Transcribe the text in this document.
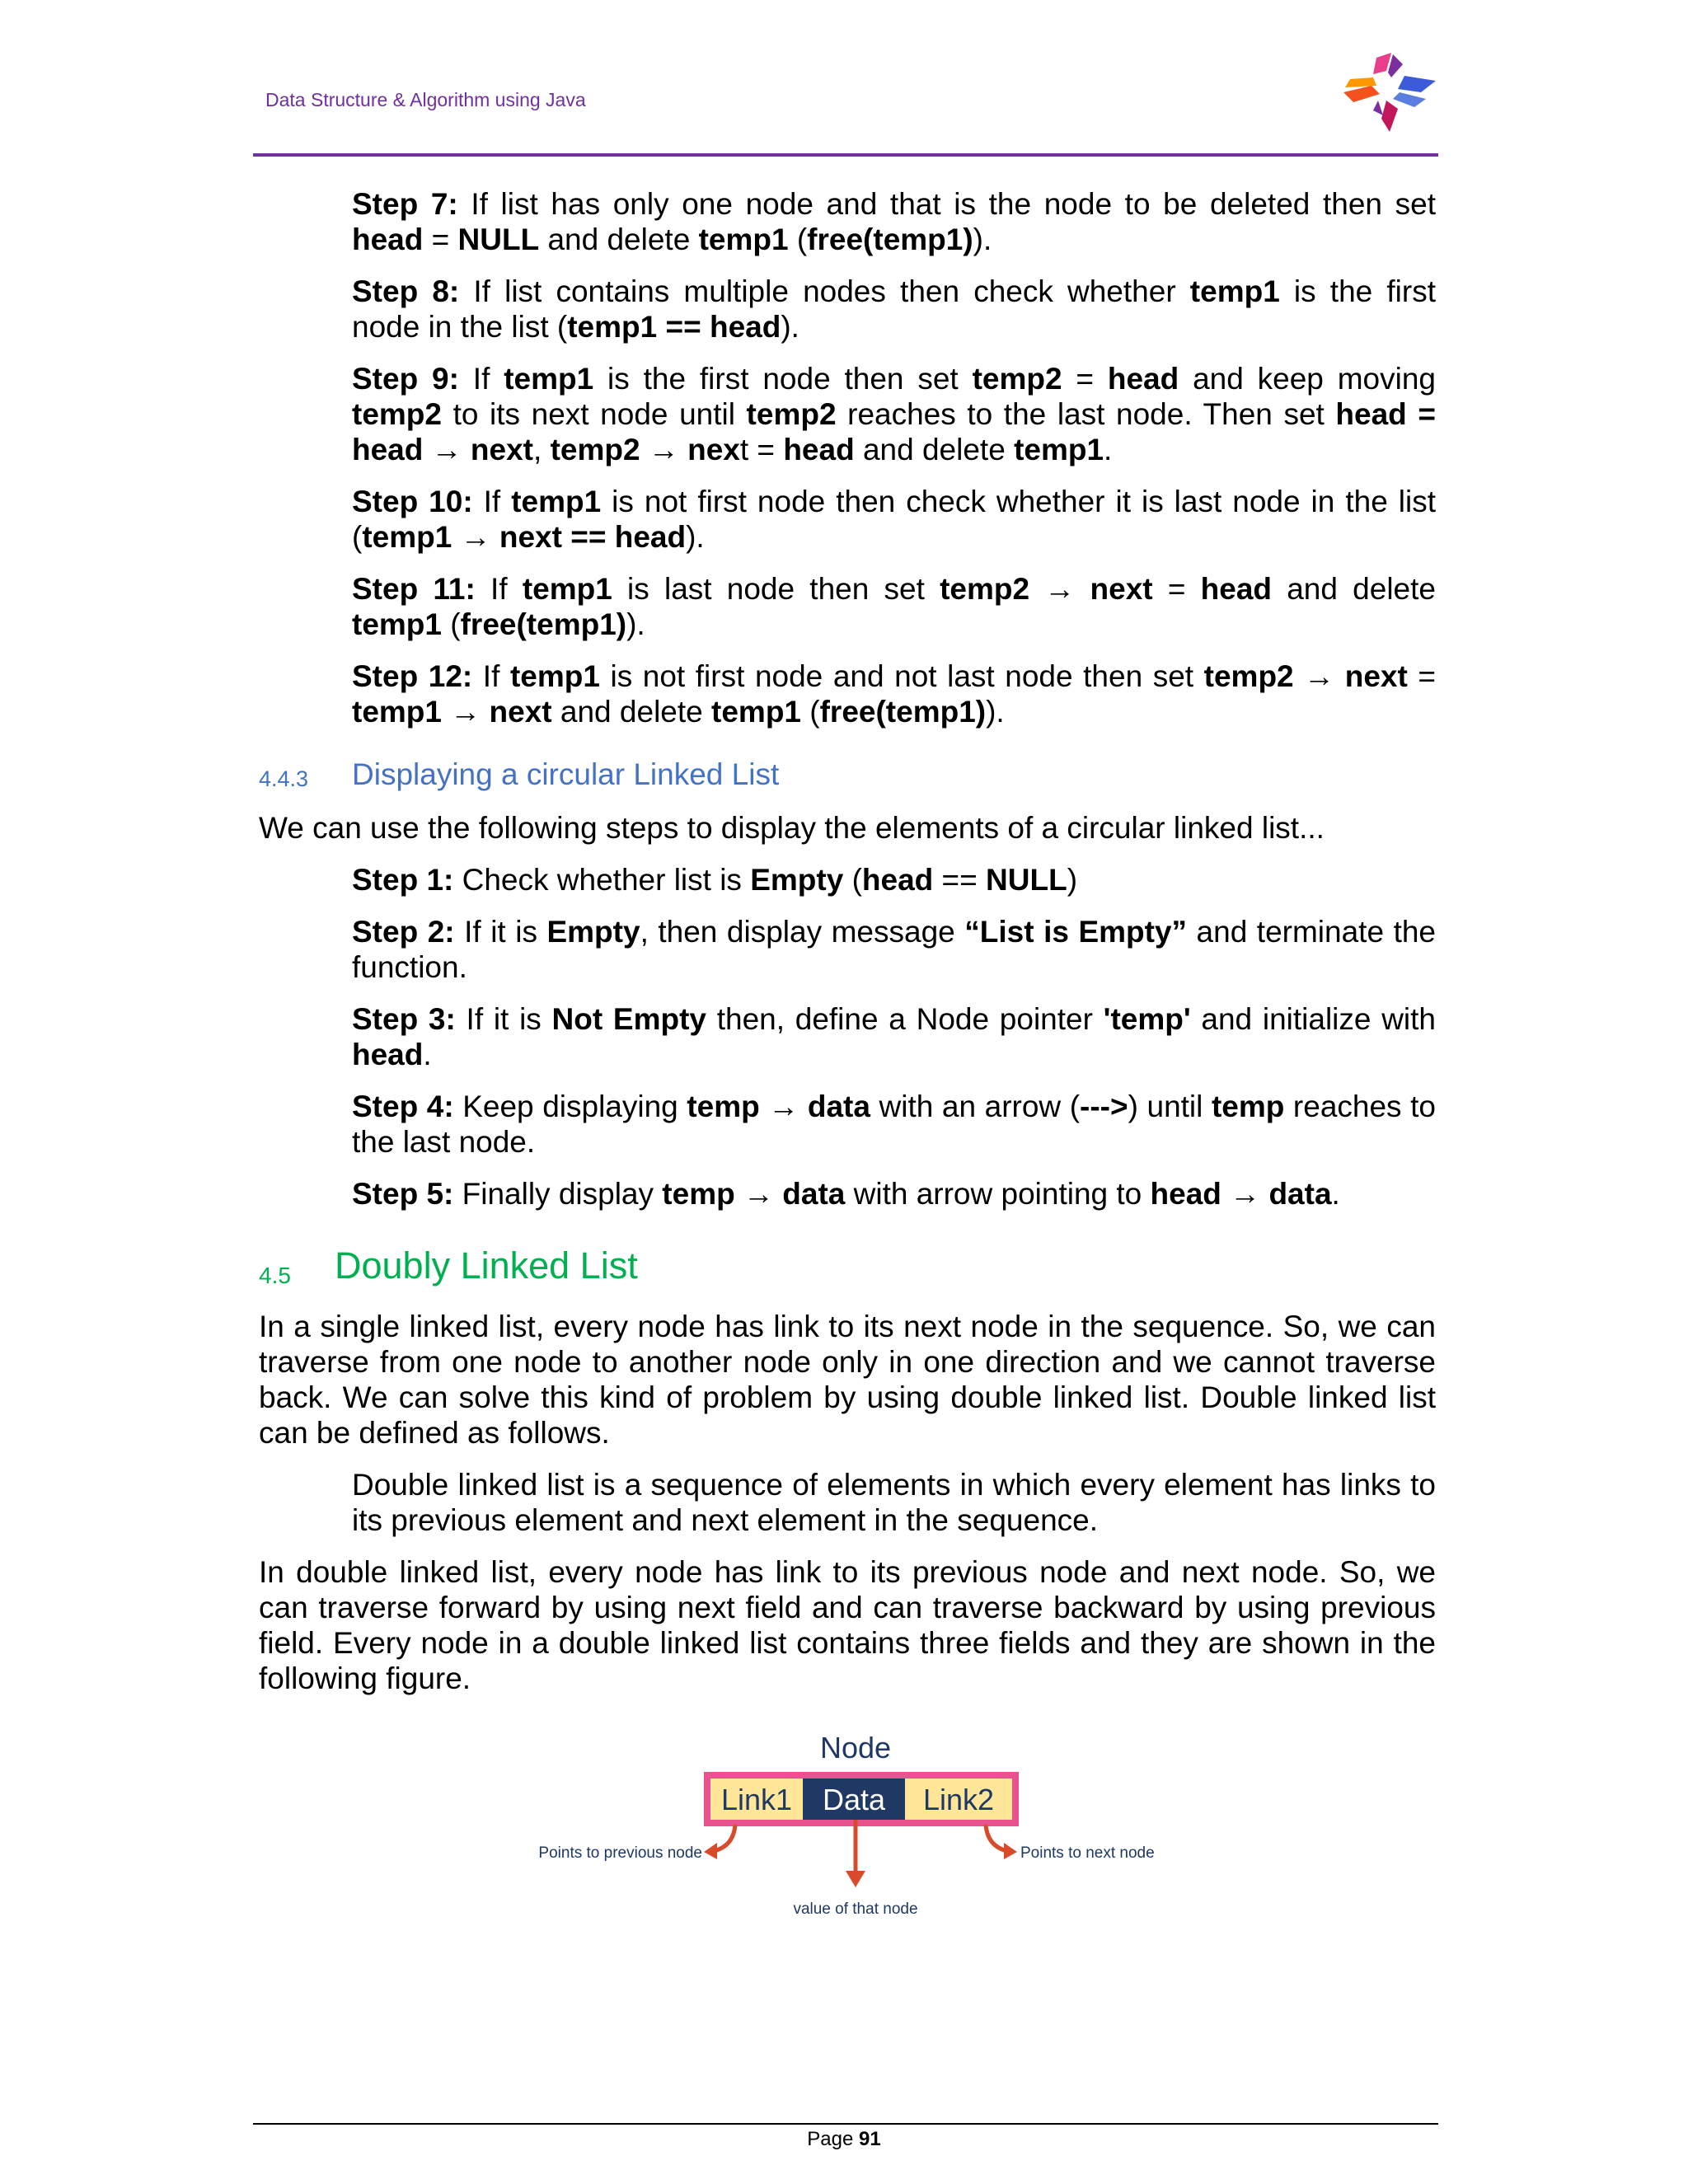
Data Structure & Algorithm using Java

Step 7: If list has only one node and that is the node to be deleted then set head = NULL and delete temp1 (free(temp1)).

Step 8: If list contains multiple nodes then check whether temp1 is the first node in the list (temp1 == head).

Step 9: If temp1 is the first node then set temp2 = head and keep moving temp2 to its next node until temp2 reaches to the last node. Then set head = head → next, temp2 → next = head and delete temp1.

Step 10: If temp1 is not first node then check whether it is last node in the list (temp1 → next == head).

Step 11: If temp1 is last node then set temp2 → next = head and delete temp1 (free(temp1)).

Step 12: If temp1 is not first node and not last node then set temp2 → next = temp1 → next and delete temp1 (free(temp1)).

4.4.3	Displaying a circular Linked List

We can use the following steps to display the elements of a circular linked list...

Step 1: Check whether list is Empty (head == NULL)

Step 2: If it is Empty, then display message “List is Empty” and terminate the function.

Step 3: If it is Not Empty then, define a Node pointer 'temp' and initialize with head.

Step 4: Keep displaying temp → data with an arrow (--->) until temp reaches to the last node.

Step 5: Finally display temp → data with arrow pointing to head → data.

4.5	Doubly Linked List

In a single linked list, every node has link to its next node in the sequence. So, we can traverse from one node to another node only in one direction and we cannot traverse back. We can solve this kind of problem by using double linked list. Double linked list can be defined as follows.

Double linked list is a sequence of elements in which every element has links to its previous element and next element in the sequence.

In double linked list, every node has link to its previous node and next node. So, we can traverse forward by using next field and can traverse backward by using previous field. Every node in a double linked list contains three fields and they are shown in the following figure.

Node
Link1 Data Link2
Points to previous node	Points to next node
value of that node
Page 91
